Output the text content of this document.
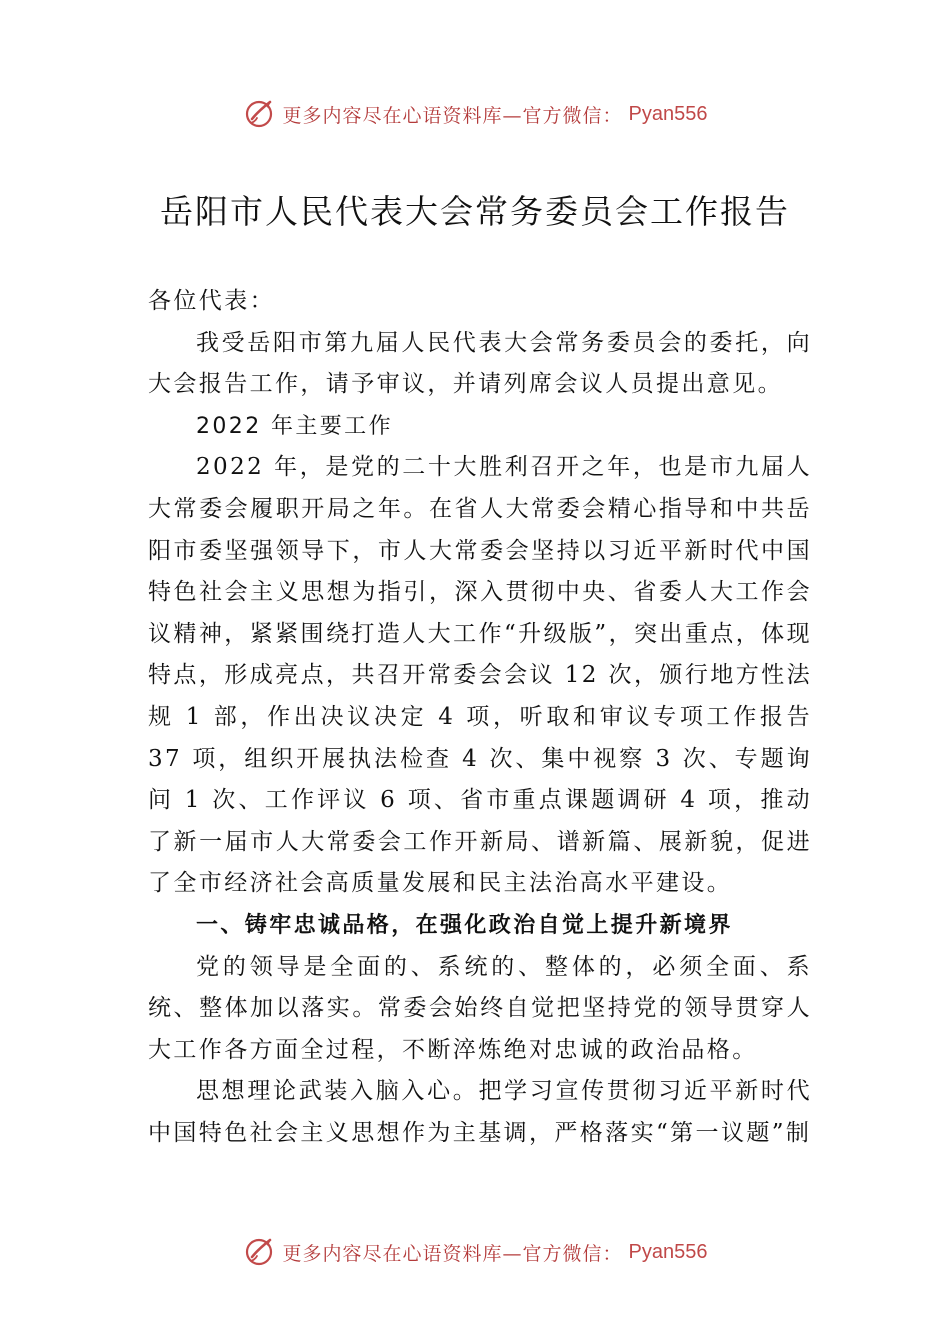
更多内容尽在心语资料库—官方微信： Pyan556
岳阳市人民代表大会常务委员会工作报告

各位代表：

我受岳阳市第九届人民代表大会常务委员会的委托，向大会报告工作，请予审议，并请列席会议人员提出意见。

2022 年主要工作

2022 年，是党的二十大胜利召开之年，也是市九届人大常委会履职开局之年。在省人大常委会精心指导和中共岳阳市委坚强领导下，市人大常委会坚持以习近平新时代中国特色社会主义思想为指引，深入贯彻中央、省委人大工作会议精神，紧紧围绕打造人大工作“升级版”，突出重点，体现特点，形成亮点，共召开常委会会议 12 次，颁行地方性法规 1 部，作出决议决定 4 项，听取和审议专项工作报告 37 项，组织开展执法检查 4 次、集中视察 3 次、专题询问 1 次、工作评议 6 项、省市重点课题调研 4 项，推动了新一届市人大常委会工作开新局、谱新篇、展新貌，促进了全市经济社会高质量发展和民主法治高水平建设。

一、铸牢忠诚品格，在强化政治自觉上提升新境界

党的领导是全面的、系统的、整体的，必须全面、系统、整体加以落实。常委会始终自觉把坚持党的领导贯穿人大工作各方面全过程，不断淬炼绝对忠诚的政治品格。

思想理论武装入脑入心。把学习宣传贯彻习近平新时代中国特色社会主义思想作为主基调，严格落实“第一议题”制

更多内容尽在心语资料库—官方微信： Pyan556
